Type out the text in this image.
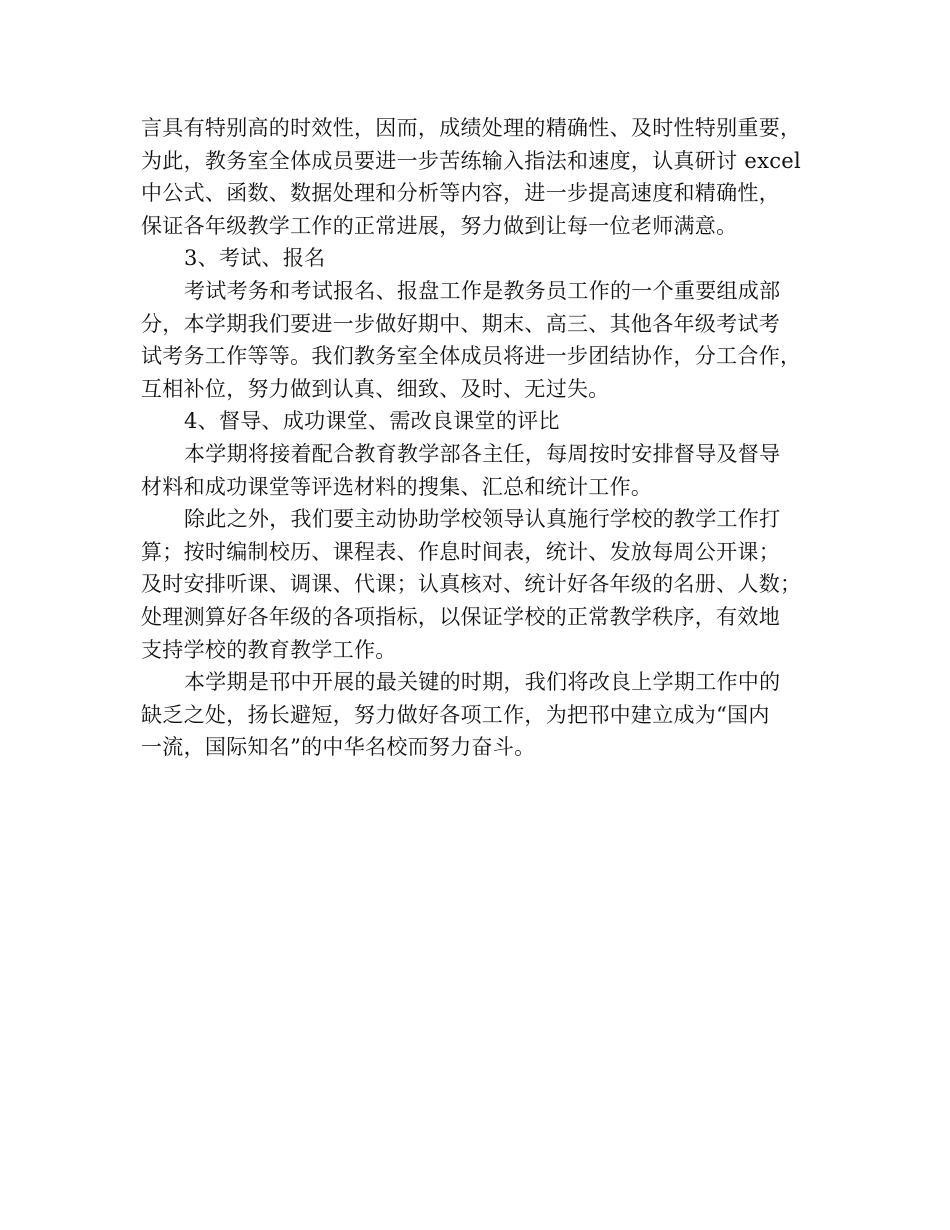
言具有特别高的时效性，因而，成绩处理的精确性、及时性特别重要，
为此，教务室全体成员要进一步苦练输入指法和速度，认真研讨 excel
中公式、函数、数据处理和分析等内容，进一步提高速度和精确性，
保证各年级教学工作的正常进展，努力做到让每一位老师满意。
3、考试、报名
考试考务和考试报名、报盘工作是教务员工作的一个重要组成部
分，本学期我们要进一步做好期中、期末、高三、其他各年级考试考
试考务工作等等。我们教务室全体成员将进一步团结协作，分工合作，
互相补位，努力做到认真、细致、及时、无过失。
4、督导、成功课堂、需改良课堂的评比
本学期将接着配合教育教学部各主任，每周按时安排督导及督导
材料和成功课堂等评选材料的搜集、汇总和统计工作。
除此之外，我们要主动协助学校领导认真施行学校的教学工作打
算；按时编制校历、课程表、作息时间表，统计、发放每周公开课；
及时安排听课、调课、代课；认真核对、统计好各年级的名册、人数；
处理测算好各年级的各项指标，以保证学校的正常教学秩序，有效地
支持学校的教育教学工作。
本学期是邗中开展的最关键的时期，我们将改良上学期工作中的
缺乏之处，扬长避短，努力做好各项工作，为把邗中建立成为“国内
一流，国际知名”的中华名校而努力奋斗。
